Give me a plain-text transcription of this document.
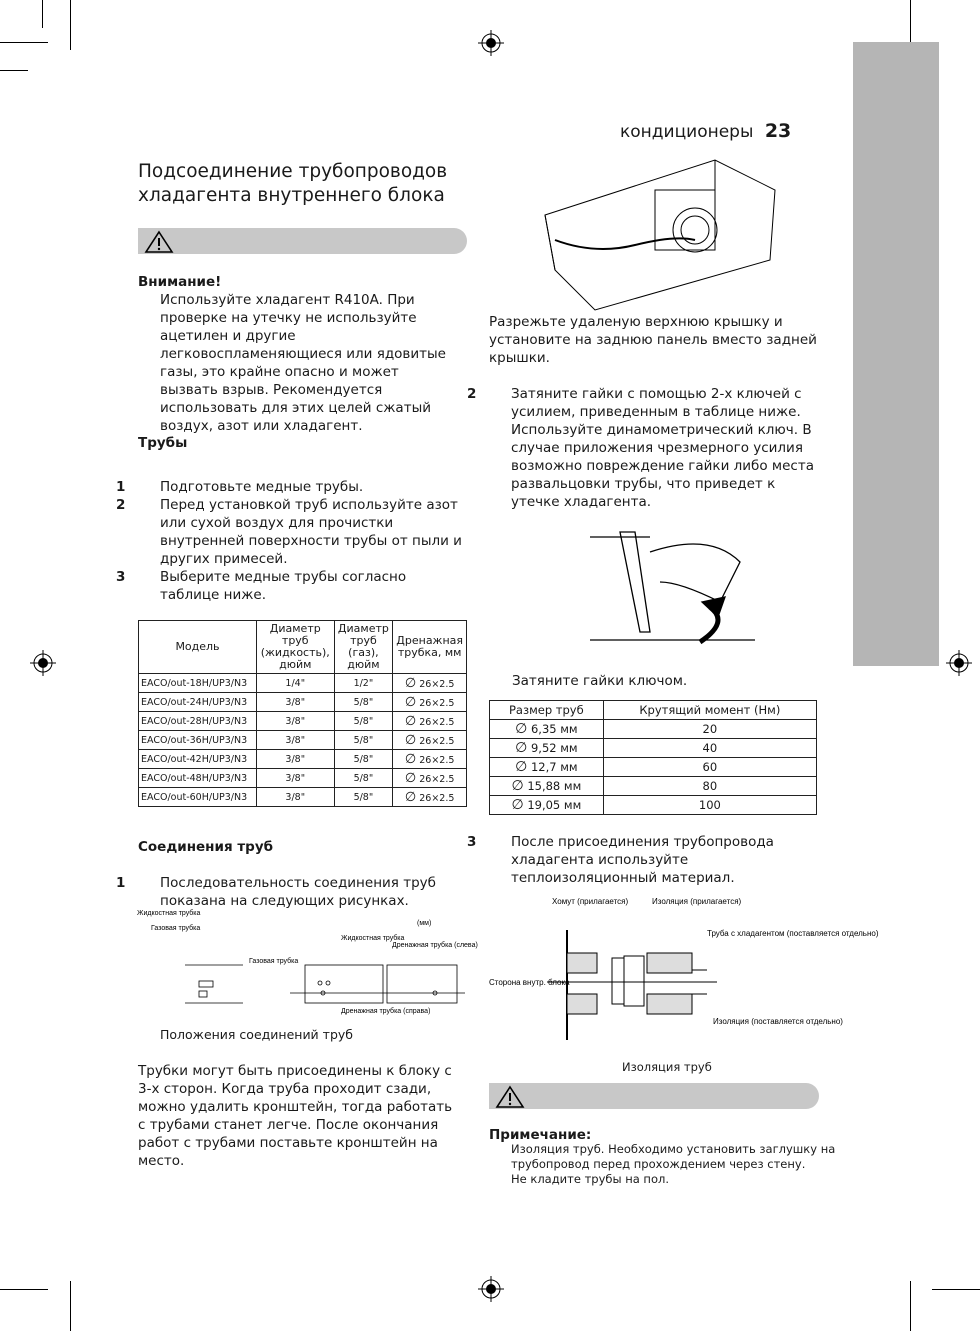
кондиционеры 23
Подсоединение трубопроводов
хладагента внутреннего блока
Внимание!
Используйте хладагент R410A. При проверке на утечку не используйте ацетилен и другие легковоспламеняющиеся или ядовитые газы, это крайне опасно и может вызвать взрыв. Рекомендуется использовать для этих целей сжатый воздух, азот или хладагент.
Трубы
1	Подготовьте медные трубы.
2	Перед установкой труб используйте азот или сухой воздух для прочистки внутренней поверхности трубы от пыли и других примесей.
3	Выберите медные трубы согласно таблице ниже.
Модель	Диаметр труб (жидкость), дюйм	Диаметр труб (газ), дюйм	Дренажная трубка, мм
EACO/out-18H/UP3/N3	1/4"	1/2"	∅ 26×2.5
EACO/out-24H/UP3/N3	3/8"	5/8"	∅ 26×2.5
EACO/out-28H/UP3/N3	3/8"	5/8"	∅ 26×2.5
EACO/out-36H/UP3/N3	3/8"	5/8"	∅ 26×2.5
EACO/out-42H/UP3/N3	3/8"	5/8"	∅ 26×2.5
EACO/out-48H/UP3/N3	3/8"	5/8"	∅ 26×2.5
EACO/out-60H/UP3/N3	3/8"	5/8"	∅ 26×2.5
Соединения труб
1	Последовательность соединения труб показана на следующих рисунках.
Жидкостная трубка
Газовая трубка
(мм)
Жидкостная трубка
Газовая трубка
Дренажная трубка (слева)
Дренажная трубка (справа)
Положения соединений труб
Трубки могут быть присоединены к блоку с 3-х сторон. Когда труба проходит сзади, можно удалить кронштейн, тогда работать с трубами станет легче. После окончания работ с трубами поставьте кронштейн на место.
Разрежьте удаленую верхнюю крышку и установите на заднюю панель вместо задней крышки.
2	Затяните гайки с помощью 2-х ключей с усилием, приведенным в таблице ниже. Используйте динамометрический ключ. В случае приложения чрезмерного усилия возможно повреждение гайки либо места развальцовки трубы, что приведет к утечке хладагента.
Затяните гайки ключом.
Размер труб	Крутящий момент (Нм)
∅ 6,35 мм	20
∅ 9,52 мм	40
∅ 12,7 мм	60
∅ 15,88 мм	80
∅ 19,05 мм	100
3	После присоединения трубопровода хладагента используйте теплоизоляционный материал.
Хомут (прилагается)	Изоляция (прилагается)
Труба с хладагентом (поставляется отдельно)
Сторона внутр. блока
Изоляция (поставляется отдельно)
Изоляция труб
Примечание:
Изоляция труб. Необходимо установить заглушку на
трубопровод перед прохождением через стену.
Не кладите трубы на пол.
